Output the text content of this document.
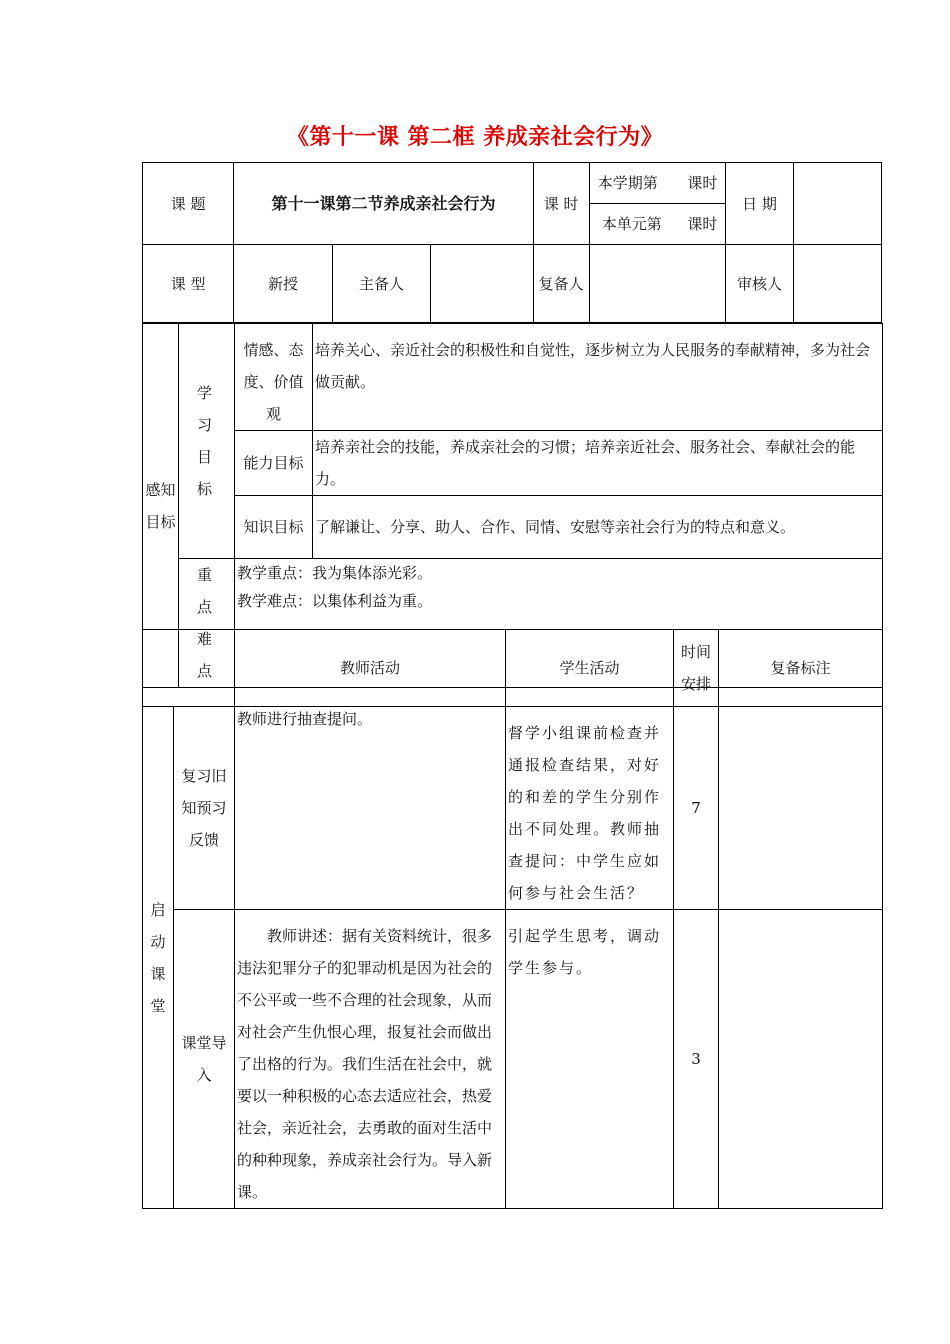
《第十一课 第二框 养成亲社会行为》
课 题	第十一课第二节养成亲社会行为			课 时	本学期第 课时	日 期	

					本单元第 课时		

课 型	新授	主备人		复备人		审核人	
感知目标	学 习 目 标	情感、态度、价值观	培养关心、亲近社会的积极性和自觉性，逐步树立为人民服务的奉献精神，多为社会做贡献。
		能力目标	培养亲社会的技能，养成亲社会的习惯；培养亲近社会、服务社会、奉献社会的能力。
		知识目标	了解谦让、分享、助人、合作、同情、安慰等亲社会行为的特点和意义。
	重 点 难 点	教学重点：我为集体添光彩。
教学难点：以集体利益为重。	
		教师活动	学生活动	时间安排	复备标注
启动课堂	复习旧知预习反馈	教师进行抽查提问。	督学小组课前检查并通报检查结果，对好的和差的学生分别作出不同处理。教师抽查提问：中学生应如何参与社会生活？	7	
	课堂导入	教师讲述：据有关资料统计，很多违法犯罪分子的犯罪动机是因为社会的不公平或一些不合理的社会现象，从而对社会产生仇恨心理，报复社会而做出了出格的行为。我们生活在社会中，就要以一种积极的心态去适应社会，热爱社会，亲近社会，去勇敢的面对生活中的种种现象，养成亲社会行为。导入新课。	引起学生思考，调动学生参与。	3	
